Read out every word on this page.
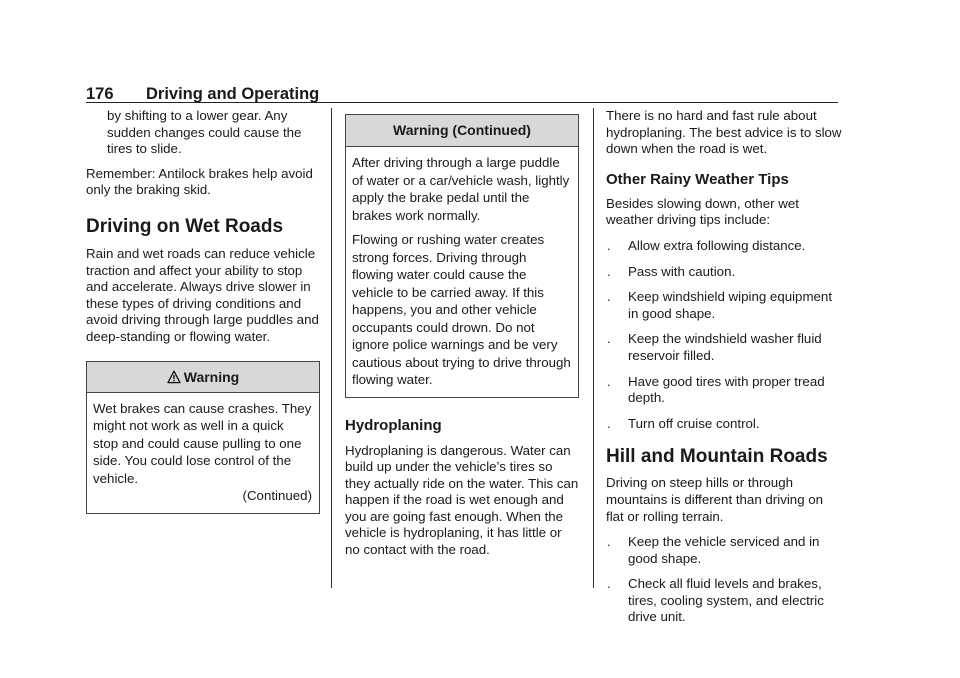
176 Driving and Operating

by shifting to a lower gear. Any sudden changes could cause the tires to slide.

Remember: Antilock brakes help avoid only the braking skid.

Driving on Wet Roads

Rain and wet roads can reduce vehicle traction and affect your ability to stop and accelerate. Always drive slower in these types of driving conditions and avoid driving through large puddles and deep-standing or flowing water.

Warning

Wet brakes can cause crashes. They might not work as well in a quick stop and could cause pulling to one side. You could lose control of the vehicle.

(Continued)

Warning (Continued)

After driving through a large puddle of water or a car/vehicle wash, lightly apply the brake pedal until the brakes work normally.

Flowing or rushing water creates strong forces. Driving through flowing water could cause the vehicle to be carried away. If this happens, you and other vehicle occupants could drown. Do not ignore police warnings and be very cautious about trying to drive through flowing water.

Hydroplaning

Hydroplaning is dangerous. Water can build up under the vehicle’s tires so they actually ride on the water. This can happen if the road is wet enough and you are going fast enough. When the vehicle is hydroplaning, it has little or no contact with the road.

There is no hard and fast rule about hydroplaning. The best advice is to slow down when the road is wet.

Other Rainy Weather Tips

Besides slowing down, other wet weather driving tips include:

. Allow extra following distance.

. Pass with caution.

. Keep windshield wiping equipment in good shape.

. Keep the windshield washer fluid reservoir filled.

. Have good tires with proper tread depth.

. Turn off cruise control.

Hill and Mountain Roads

Driving on steep hills or through mountains is different than driving on flat or rolling terrain.

. Keep the vehicle serviced and in good shape.

. Check all fluid levels and brakes, tires, cooling system, and electric drive unit.
